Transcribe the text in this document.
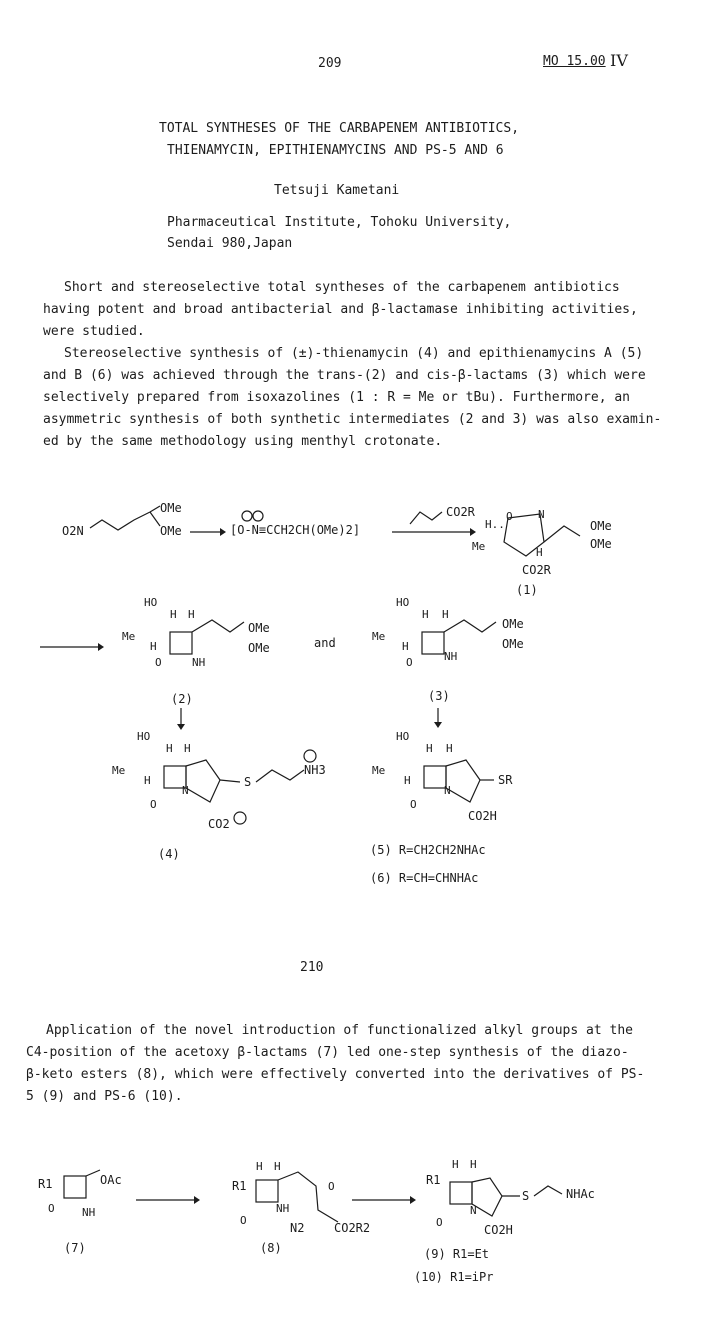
209	MO 15.00 IV
TOTAL SYNTHESES OF THE CARBAPENEM ANTIBIOTICS,
THIENAMYCIN, EPITHIENAMYCINS AND PS-5 AND 6
Tetsuji Kametani
Pharmaceutical Institute, Tohoku University,
Sendai 980,Japan
Short and stereoselective total syntheses of the carbapenem antibiotics
having potent and broad antibacterial and β-lactamase inhibiting activities,
were studied.
Stereoselective synthesis of (±)-thienamycin (4) and epithienamycins A (5)
and B (6) was achieved through the trans-(2) and cis-β-lactams (3) which were
selectively prepared from isoxazolines (1 : R = Me or tBu). Furthermore, an
asymmetric synthesis of both synthetic intermediates (2 and 3) was also examin-
ed by the same methodology using menthyl crotonate.
O2N
OMe
OMe	[O-N≡CCH2CH(OMe)2]
CO2R	O N
H..
Me	H
CO2R
OMe
OMe
(1)
HO
Me
H
H H
O	NH
OMe
OMe
(2)
and
HO
Me
H
H H
O	NH
OMe
OMe
(3)
HO
Me
H
H H
O
N
S
NH3
CO2
(4)
HO
Me
H
H H
O
N
SR
CO2H
(5) R=CH2CH2NHAc
(6) R=CH=CHNHAc
210
Application of the novel introduction of functionalized alkyl groups at the
C4-position of the acetoxy β-lactams (7) led one-step synthesis of the diazo-
β-keto esters (8), which were effectively converted into the derivatives of PS-
5 (9) and PS-6 (10).
R1	OAc
O NH
(7)
R1
H H
O
NH
O
N2 CO2R2
(8)
R1
H H
O
N
S	NHAc
CO2H
(9) R1=Et
(10) R1=iPr
